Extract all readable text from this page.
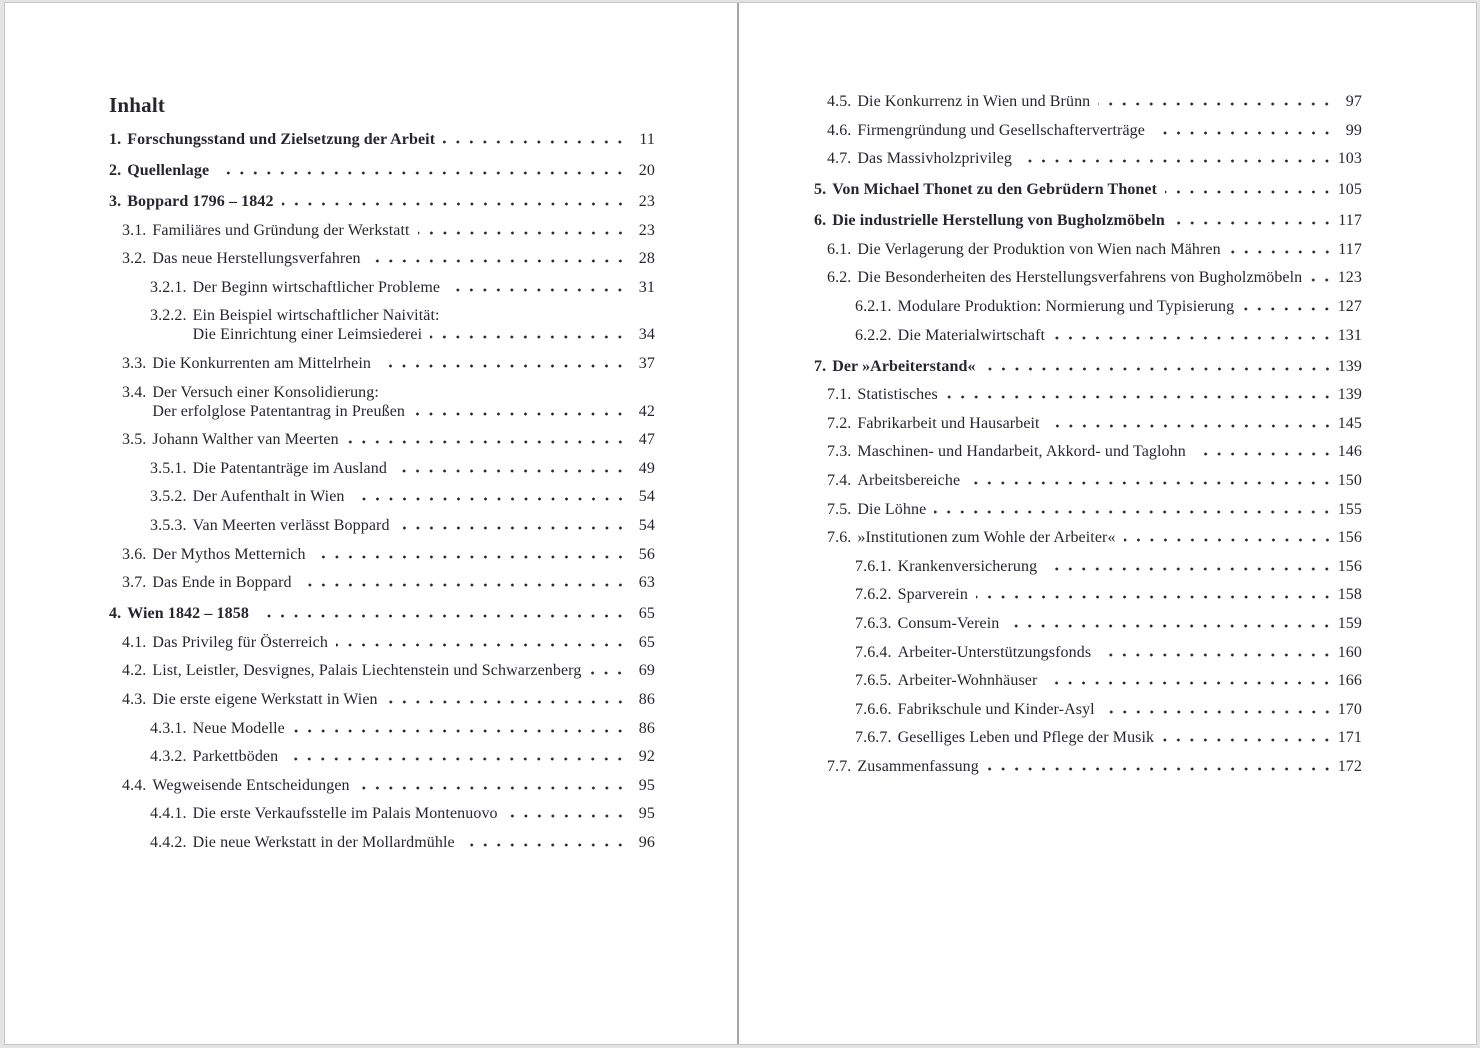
Inhalt
1. Forschungsstand und Zielsetzung der Arbeit	11
2. Quellenlage	20
3. Boppard 1796 – 1842	23
3.1. Familiäres und Gründung der Werkstatt	23
3.2. Das neue Herstellungsverfahren	28
3.2.1. Der Beginn wirtschaftlicher Probleme	31
3.2.2. Ein Beispiel wirtschaftlicher Naivität:
Die Einrichtung einer Leimsiederei	34
3.3. Die Konkurrenten am Mittelrhein	37
3.4. Der Versuch einer Konsolidierung:
Der erfolglose Patentantrag in Preußen	42
3.5. Johann Walther van Meerten	47
3.5.1. Die Patentanträge im Ausland	49
3.5.2. Der Aufenthalt in Wien	54
3.5.3. Van Meerten verlässt Boppard	54
3.6. Der Mythos Metternich	56
3.7. Das Ende in Boppard	63
4. Wien 1842 – 1858	65
4.1. Das Privileg für Österreich	65
4.2. List, Leistler, Desvignes, Palais Liechtenstein und Schwarzenberg	69
4.3. Die erste eigene Werkstatt in Wien	86
4.3.1. Neue Modelle	86
4.3.2. Parkettböden	92
4.4. Wegweisende Entscheidungen	95
4.4.1. Die erste Verkaufsstelle im Palais Montenuovo	95
4.4.2. Die neue Werkstatt in der Mollardmühle	96
4.5. Die Konkurrenz in Wien und Brünn	97
4.6. Firmengründung und Gesellschafterverträge	99
4.7. Das Massivholzprivileg	103
5. Von Michael Thonet zu den Gebrüdern Thonet	105
6. Die industrielle Herstellung von Bugholzmöbeln	117
6.1. Die Verlagerung der Produktion von Wien nach Mähren	117
6.2. Die Besonderheiten des Herstellungsverfahrens von Bugholzmöbeln 123
6.2.1. Modulare Produktion: Normierung und Typisierung	127
6.2.2. Die Materialwirtschaft	131
7. Der »Arbeiterstand«	139
7.1. Statistisches	139
7.2. Fabrikarbeit und Hausarbeit	145
7.3. Maschinen- und Handarbeit, Akkord- und Taglohn	146
7.4. Arbeitsbereiche	150
7.5. Die Löhne	155
7.6. »Institutionen zum Wohle der Arbeiter«	156
7.6.1. Krankenversicherung	156
7.6.2. Sparverein	158
7.6.3. Consum-Verein	159
7.6.4. Arbeiter-Unterstützungsfonds	160
7.6.5. Arbeiter-Wohnhäuser	166
7.6.6. Fabrikschule und Kinder-Asyl	170
7.6.7. Geselliges Leben und Pflege der Musik	171
7.7. Zusammenfassung	172
